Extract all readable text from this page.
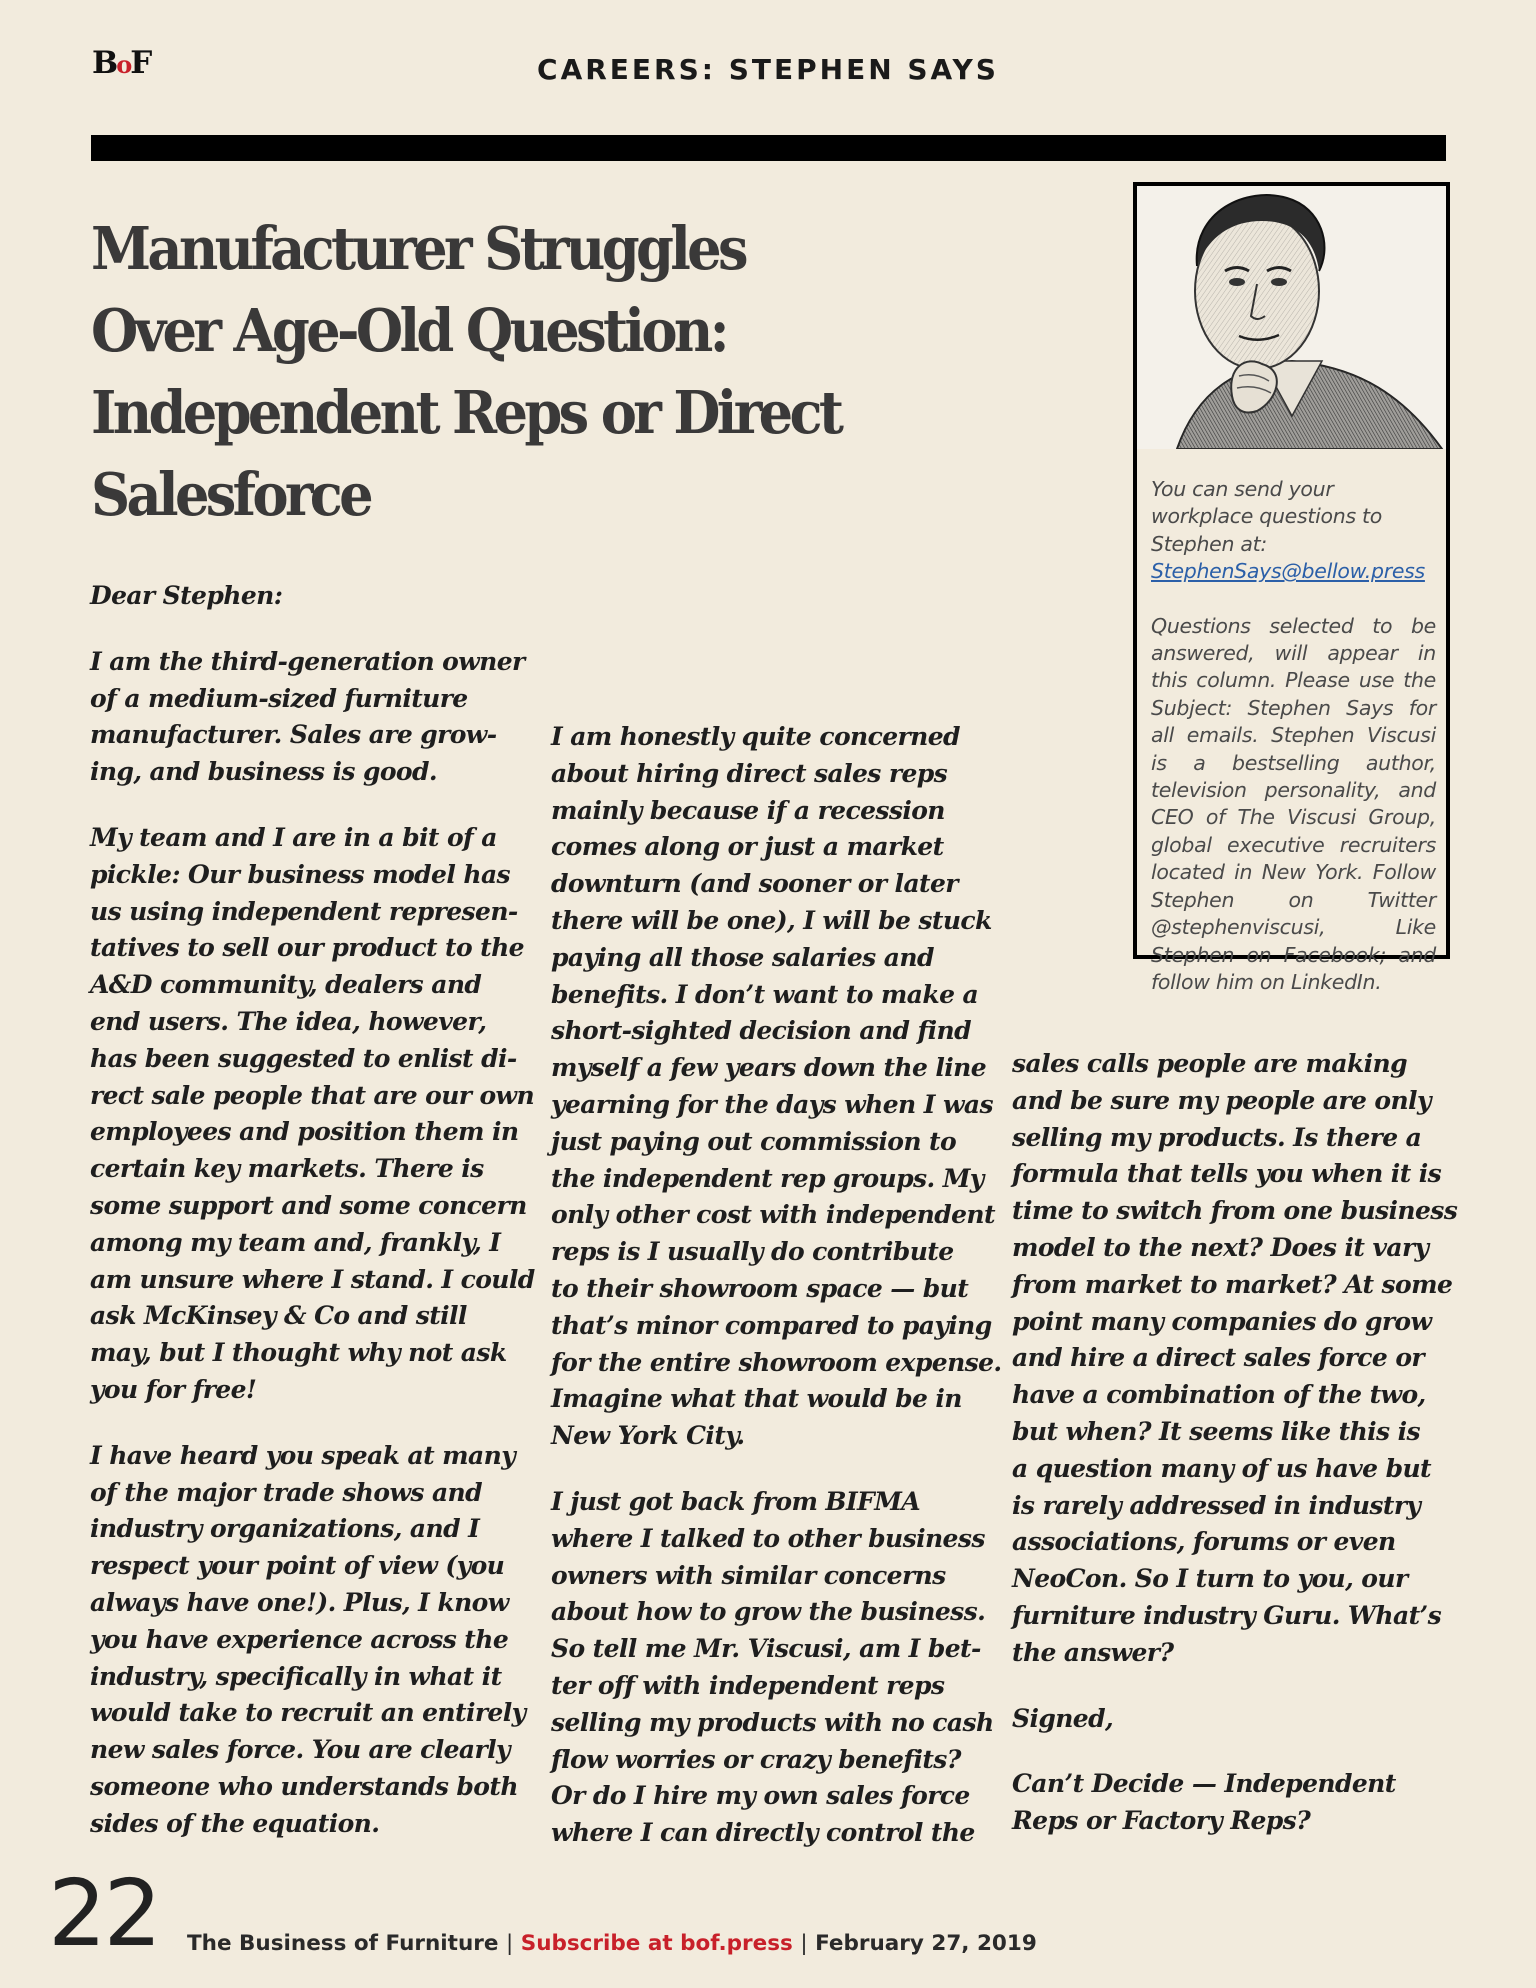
BoF	CAREERS: STEPHEN SAYS
Manufacturer Struggles
Over Age-Old Question:
Independent Reps or Direct
Salesforce	You can send your workplace questions to Stephen at:

StephenSays@bellow.press

Questions selected to be answered, will appear in this column. Please use the Subject: Stephen Says for all emails. Stephen Viscusi is a bestselling author, television personality, and CEO of The Viscusi Group, global executive recruiters located in New York. Follow Stephen on Twitter @stephenviscusi, Like Stephen on Facebook; and follow him on LinkedIn.

Dear Stephen:
I am the third-generation owner
of a medium-sized furniture
manufacturer. Sales are grow-
ing, and business is good.
My team and I are in a bit of a
pickle: Our business model has
us using independent represen-
tatives to sell our product to the
A&D community, dealers and
end users. The idea, however,
has been suggested to enlist di-
rect sale people that are our own
employees and position them in
certain key markets. There is
some support and some concern
among my team and, frankly, I
am unsure where I stand. I could
ask McKinsey & Co and still
may, but I thought why not ask
you for free!
I have heard you speak at many
of the major trade shows and
industry organizations, and I
respect your point of view (you
always have one!). Plus, I know
you have experience across the
industry, specifically in what it
would take to recruit an entirely
new sales force. You are clearly
someone who understands both
sides of the equation.
I am honestly quite concerned
about hiring direct sales reps
mainly because if a recession
comes along or just a market
downturn (and sooner or later
there will be one), I will be stuck
paying all those salaries and
benefits. I don’t want to make a
short-sighted decision and find
myself a few years down the line
yearning for the days when I was
just paying out commission to
the independent rep groups. My
only other cost with independent
reps is I usually do contribute
to their showroom space — but
that’s minor compared to paying
for the entire showroom expense.
Imagine what that would be in
New York City.
I just got back from BIFMA
where I talked to other business
owners with similar concerns
about how to grow the business.
So tell me Mr. Viscusi, am I bet-
ter off with independent reps
selling my products with no cash
flow worries or crazy benefits?
Or do I hire my own sales force
where I can directly control the
sales calls people are making
and be sure my people are only
selling my products. Is there a
formula that tells you when it is
time to switch from one business
model to the next? Does it vary
from market to market? At some
point many companies do grow
and hire a direct sales force or
have a combination of the two,
but when? It seems like this is
a question many of us have but
is rarely addressed in industry
associations, forums or even
NeoCon. So I turn to you, our
furniture industry Guru. What’s
the answer?
Signed,
Can’t Decide — Independent
Reps or Factory Reps?
22 The Business of Furniture | Subscribe at bof.press | February 27, 2019
